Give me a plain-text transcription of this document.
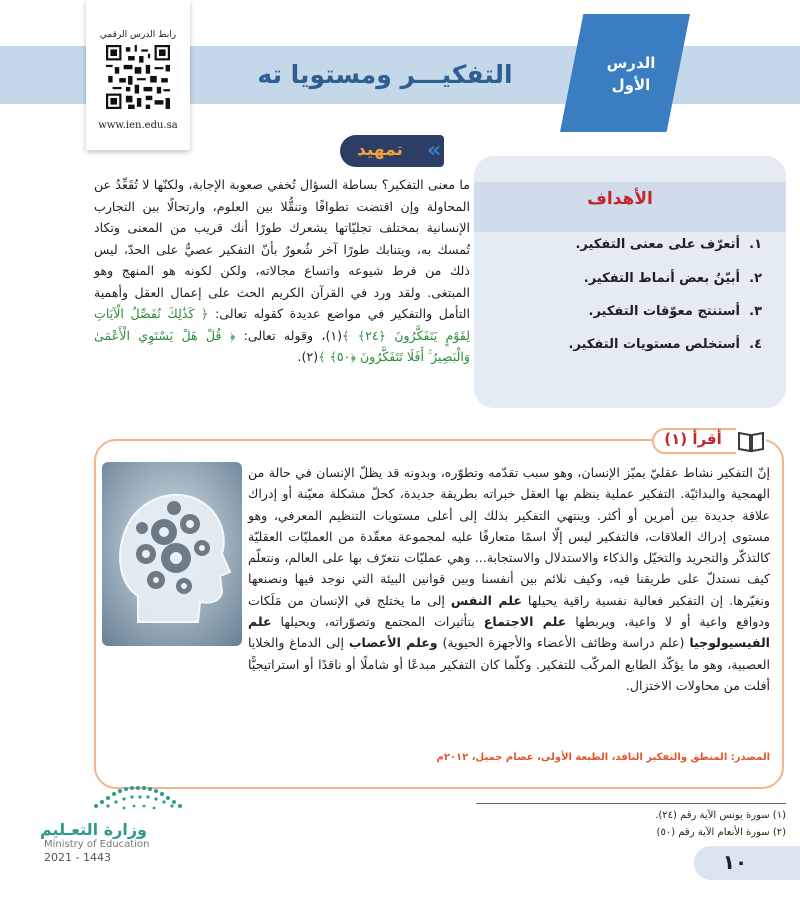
الدرس الأول
التفكيـــر ومستويا ته
رابط الدرس الرقمي
www.ien.edu.sa
تمهيد	«
ما معنى التفكير؟ بساطة السؤال تُخفي صعوبة الإجابة، ولكنّها لا تُقَعِّدُ عن المحاولة وإن اقتضت تطوافًا وتنقُّلا بين العلوم، وارتحالًا بين التجارب الإنسانية بمختلف تجليّاتها يشعرك طورًا أنك قريب من المعنى وتكاد تُمسك به، ويتنابك طورًا آخر شُعورٌ بأنّ التفكير عصيٌّ على الحدّ، ليس ذلك من فرط شيوعه واتساع مجالاته، ولكن لكونه هو المنهج وهو المبتغى. ولقد ورد في القرآن الكريم الحث على إعمال العقل وأهمية التأمل والتفكير في مواضع عديدة كقوله تعالى: ﴿ كَذَٰلِكَ نُفَصِّلُ الْآيَاتِ لِقَوْمٍ يَتَفَكَّرُونَ ﴿٢٤﴾ ﴾(١)، وقوله تعالى: ﴿ قُلْ هَلْ يَسْتَوِي الْأَعْمَىٰ وَالْبَصِيرُ ۚ أَفَلَا تَتَفَكَّرُونَ ﴿٥٠﴾ ﴾(٢).
الأهداف
١.أتعرّف على معنى التفكير.
٢.أبيّنُ بعض أنماط التفكير.
٣.أستنتج معوّقات التفكير.
٤.أستخلص مستويات التفكير.
أقرأ (١)
إنّ التفكير نشاط عقليّ يميّز الإنسان، وهو سبب تقدّمه وتطوّره، وبدونه قد يظلّ الإنسان في حالة من الهمجية والبدائيّة. التفكير عملية ينظم بها العقل خبراته بطريقة جديدة، كحلّ مشكلة معيّنة أو إدراك علاقة جديدة بين أمرين أو أكثر. وينتهي التفكير بذلك إلى أعلى مستويات التنظيم المعرفي، وهو مستوى إدراك العلاقات، فالتفكير ليس إلّا اسمًا متعارفًا عليه لمجموعة معقّدة من العمليّات العقليّة كالتذكّر والتجريد والتخيّل والذكاء والاستدلال والاستجابة... وهي عمليّات نتعرّف بها على العالم، ونتعلّم كيف نستدلّ على طريقنا فيه، وكيف نلائم بين أنفسنا وبين قوانين البيئة التي نوجد فيها ونصنعها ونغيّرها. إن التفكير فعالية نفسية راقية يحيلها علم النفس إلى ما يختلج في الإنسان من مَلَكات ودوافع واعية أو لا واعية، ويربطها علم الاجتماع بتأثيرات المجتمع وتصوّراته، ويحيلها علم الفيسيولوجيا (علم دراسة وظائف الأعضاء والأجهزة الحيوية) وعلم الأعصاب إلى الدماغ والخلايا العصبية، وهو ما يؤكّد الطابع المركّب للتفكير. وكلّما كان التفكير مبدعًا أو شاملًا أو ناقدًا أو استراتيجيًّا أفلت من محاولات الاختزال.
المصدر: المنطق والتفكير الناقد، الطبعة الأولى، عصام جميل، ٢٠١٢م
(١) سورة يونس الآية رقم (٢٤).
(٢) سورة الأنعام الآية رقم (٥٠)
وزارة التعـليم
Ministry of Education
2021 - 1443	١٠
